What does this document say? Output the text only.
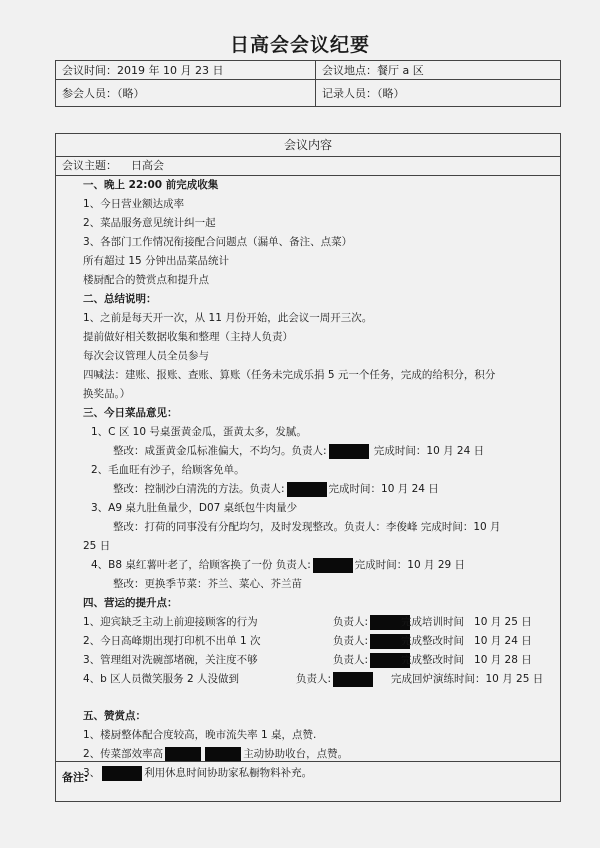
日高会会议纪要
会议时间：2019 年 10 月 23 日	会议地点：餐厅 a 区
参会人员：（略）	记录人员：（略）
会议内容
会议主题： 日高会
一、晚上 22:00 前完成收集
1、今日营业额达成率
2、菜品服务意见统计纠一起
3、各部门工作情况衔接配合问题点（漏单、备注、点菜）
所有超过 15 分钟出品菜品统计
楼厨配合的赞赏点和提升点
二、总结说明：
1、之前是每天开一次，从 11 月份开始，此会议一周开三次。
提前做好相关数据收集和整理（主持人负责）
每次会议管理人员全员参与
四喊法：建账、报账、查账、算账（任务未完成乐捐 5 元一个任务，完成的给积分，积分
换奖品。）
三、今日菜品意见：
1、C 区 10 号桌蛋黄金瓜，蛋黄太多，发腻。
整改：咸蛋黄金瓜标准偏大，不均匀。负责人:	完成时间：10 月 24 日
2、毛血旺有沙子，给顾客免单。
整改：控制沙白清洗的方法。负责人:	完成时间：10 月 24 日
3、A9 桌九肚鱼量少，D07 桌纸包牛肉量少
整改：打荷的同事没有分配均匀，及时发现整改。负责人：李俊峰 完成时间：10 月
25 日
4、B8 桌红薯叶老了，给顾客换了一份 负责人:	完成时间：10 月 29 日
整改：更换季节菜：芥兰、菜心、芥兰苗
四、营运的提升点：
1、迎宾缺乏主动上前迎接顾客的行为	负责人:	完成培训时间 10 月 25 日
2、今日高峰期出现打印机不出单 1 次	负责人:	完成整改时间 10 月 24 日
3、管理组对洗碗部堵碗，关注度不够	负责人:	完成整改时间 10 月 28 日
4、b 区人员微笑服务 2 人没做到	负责人:	完成回炉演练时间：10 月 25 日
五、赞赏点：
1、楼厨整体配合度较高，晚市流失率 1 桌，点赞.
2、传菜部效率高	主动协助收台，点赞。
3、	利用休息时间协助家私橱物料补充。
备注:
